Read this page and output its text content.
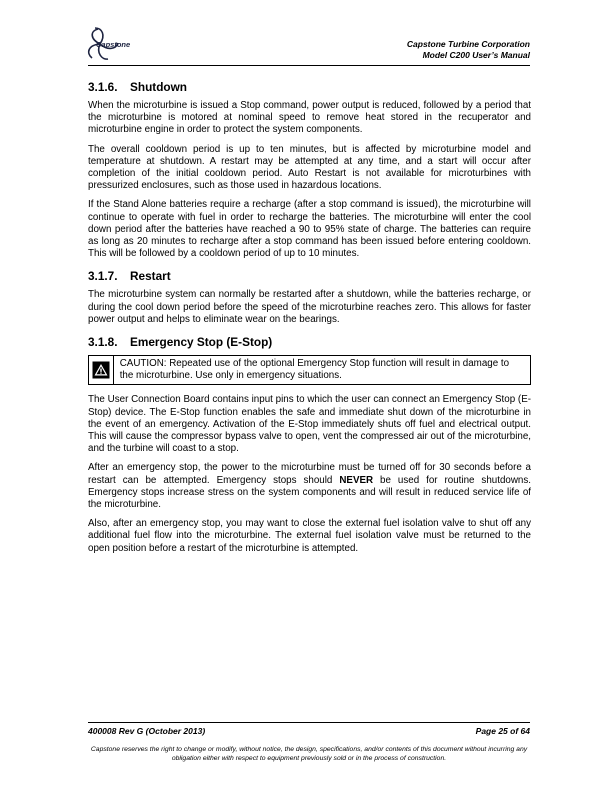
Capstone	Capstone Turbine Corporation
Model C200 User’s Manual
3.1.6. Shutdown

When the microturbine is issued a Stop command, power output is reduced, followed by a period that the microturbine is motored at nominal speed to remove heat stored in the recuperator and microturbine engine in order to protect the system components.

The overall cooldown period is up to ten minutes, but is affected by microturbine model and temperature at shutdown. A restart may be attempted at any time, and a start will occur after completion of the initial cooldown period. Auto Restart is not available for microturbines with pressurized enclosures, such as those used in hazardous locations.

If the Stand Alone batteries require a recharge (after a stop command is issued), the microturbine will continue to operate with fuel in order to recharge the batteries. The microturbine will enter the cool down period after the batteries have reached a 90 to 95% state of charge. The batteries can require as long as 20 minutes to recharge after a stop command has been issued before entering cooldown. This will be followed by a cooldown period of up to 10 minutes.

3.1.7. Restart

The microturbine system can normally be restarted after a shutdown, while the batteries recharge, or during the cool down period before the speed of the microturbine reaches zero. This allows for faster power output and helps to eliminate wear on the bearings.

3.1.8. Emergency Stop (E-Stop)
CAUTION: Repeated use of the optional Emergency Stop function will result in damage to the microturbine. Use only in emergency situations.

The User Connection Board contains input pins to which the user can connect an Emergency Stop (E-Stop) device. The E-Stop function enables the safe and immediate shut down of the microturbine in the event of an emergency. Activation of the E-Stop immediately shuts off fuel and electrical output. This will cause the compressor bypass valve to open, vent the compressed air out of the microturbine, and the turbine will coast to a stop.

After an emergency stop, the power to the microturbine must be turned off for 30 seconds before a restart can be attempted. Emergency stops should NEVER be used for routine shutdowns. Emergency stops increase stress on the system components and will result in reduced service life of the microturbine.

Also, after an emergency stop, you may want to close the external fuel isolation valve to shut off any additional fuel flow into the microturbine. The external fuel isolation valve must be returned to the open position before a restart of the microturbine is attempted.

400008 Rev G (October 2013)	Page 25 of 64
Capstone reserves the right to change or modify, without notice, the design, specifications, and/or contents of this document without incurring any obligation either with respect to equipment previously sold or in the process of construction.
